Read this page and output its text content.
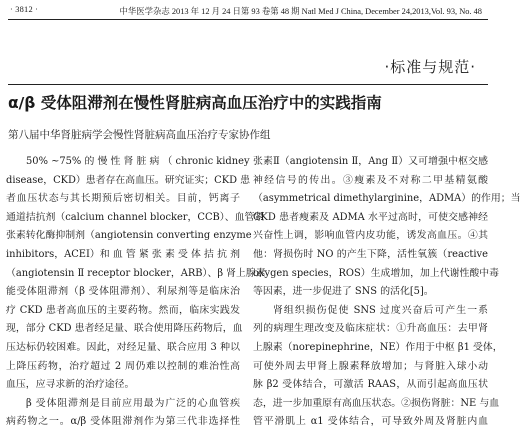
· 3812 ·	中华医学杂志 2013 年 12 月 24 日第 93 卷第 48 期 Natl Med J China, December 24,2013,Vol. 93, No. 48
·标准与规范·
α/β 受体阻滞剂在慢性肾脏病高血压治疗中的实践指南
第八届中华肾脏病学会慢性肾脏病高血压治疗专家协作组
50% ~75% 的 慢 性 肾 脏 病 （ chronic kidney
disease，CKD）患者存在高血压。研究证实；CKD 患
者血压状态与其长期预后密切相关。目前，钙离子
通道拮抗剂（calcium channel blocker，CCB）、血管紧
张素转化酶抑制剂（angiotensin converting enzyme
inhibitors，ACEI）和 血 管 紧 张 素 受 体 拮 抗 剂
（angiotensin Ⅱ receptor blocker，ARB）、β 肾上腺素
能受体阻滞剂（β 受体阻滞剂）、利尿剂等是临床治
疗 CKD 患者高血压的主要药物。然而，临床实践发
现，部分 CKD 患者经足量、联合使用降压药物后，血
压达标仍较困难。因此，对经足量、联合应用 3 种以
上降压药物，治疗超过 2 周仍难以控制的难治性高
血压，应寻求新的治疗途径。
β 受体阻滞剂是目前应用最为广泛的心血管疾
病药物之一。α/β 受体阻滞剂作为第三代非选择性
张素Ⅱ（angiotensin Ⅱ，Ang Ⅱ）又可增强中枢交感
神经信号的传出。③瘦素及不对称二甲基精氨酸
（asymmetrical dimethylarginine，ADMA）的作用；当
CKD 患者瘦素及 ADMA 水平过高时，可使交感神经
兴奋性上调，影响血管内皮功能，诱发高血压。④其
他：肾损伤时 NO 的产生下降，活性氧簇（reactive
oxygen species，ROS）生成增加，加上代谢性酸中毒
等因素，进一步促进了 SNS 的活化[5]。
肾组织损伤促使 SNS 过度兴奋后可产生一系
列的病理生理改变及临床症状：①升高血压：去甲肾
上腺素（norepinephrine，NE）作用于中枢 β1 受体，
可使外周去甲肾上腺素释放增加；与肾脏入球小动
脉 β2 受体结合，可激活 RAAS，从而引起高血压状
态，进一步加重原有高血压状态。②损伤肾脏：NE 与血
管平滑肌上 α1 受体结合，可导致外周及肾脏内血
